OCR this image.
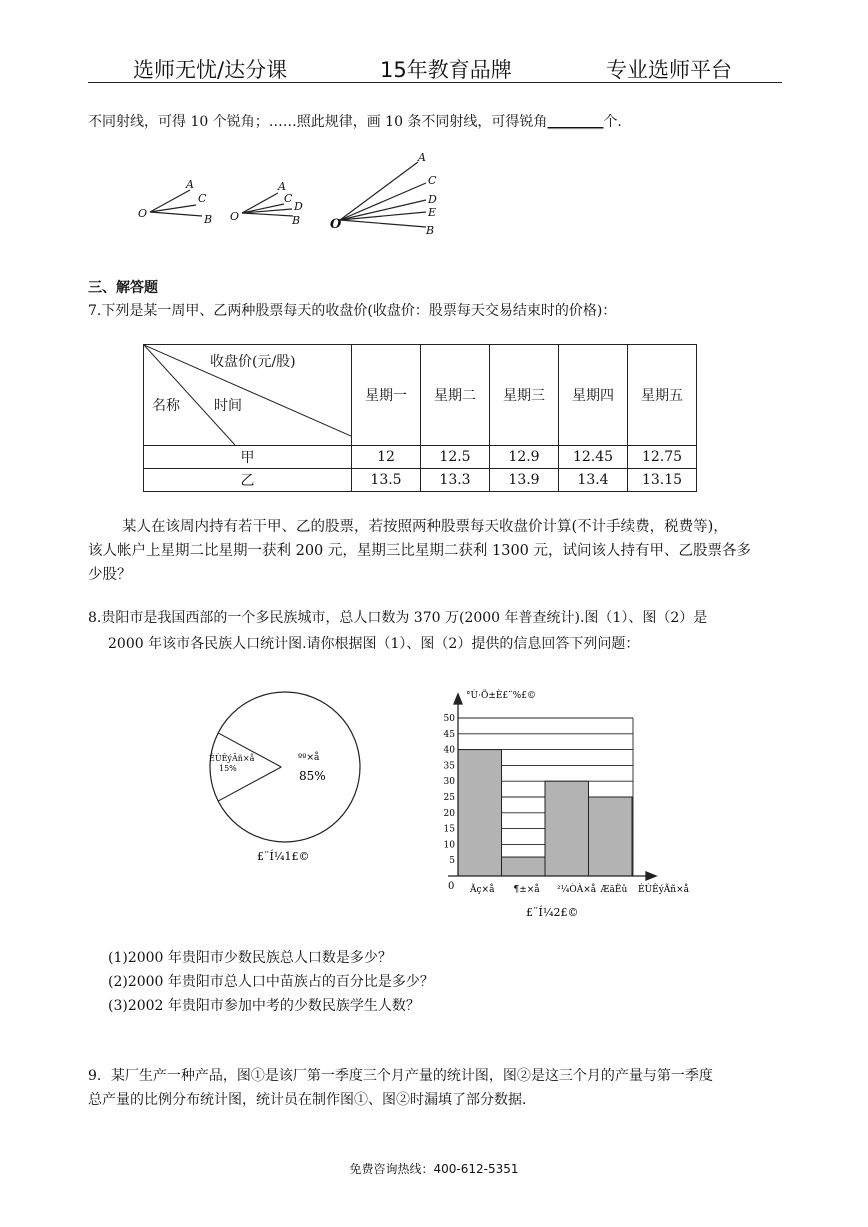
选师无忧/达分课	15年教育品牌	专业选师平台
不同射线，可得 10 个锐角；……照此规律，画 10 条不同射线，可得锐角________个.
A
C
B
O
A
C
D
B
O
A
C
D
E
B
O
三、解答题
7.下列是某一周甲、乙两种股票每天的收盘价(收盘价：股票每天交易结束时的价格)：
收盘价(元/股)
时间
名称	星期一	星期二	星期三	星期四	星期五
甲	12	12.5	12.9	12.45	12.75
乙	13.5	13.3	13.9	13.4	13.15
某人在该周内持有若干甲、乙的股票，若按照两种股票每天收盘价计算(不计手续费，税费等)，
该人帐户上星期二比星期一获利 200 元，星期三比星期二获利 1300 元，试问该人持有甲、乙股票各多
少股？
8.贵阳市是我国西部的一个多民族城市，总人口数为 370 万(2000 年普查统计).图（1）、图（2）是
2000 年该市各民族人口统计图.请你根据图（1）、图（2）提供的信息回答下列问题：
ºº×å
85%
ÉÙÊýÃñ×å
15%
£¨Í¼1£©
°Ù·Ö±È£¨%£©
5
10
15
20
25
30
35
40
45
50
0 Ãç×å ¶±×å ²¼ÒÀ×å ÆäËû ÉÙÊýÃñ×å
£¨Í¼2£©
(1)2000 年贵阳市少数民族总人口数是多少？
(2)2000 年贵阳市总人口中苗族占的百分比是多少？
(3)2002 年贵阳市参加中考的少数民族学生人数？
9．某厂生产一种产品，图①是该厂第一季度三个月产量的统计图，图②是这三个月的产量与第一季度
总产量的比例分布统计图，统计员在制作图①、图②时漏填了部分数据.
免费咨询热线：400-612-5351
